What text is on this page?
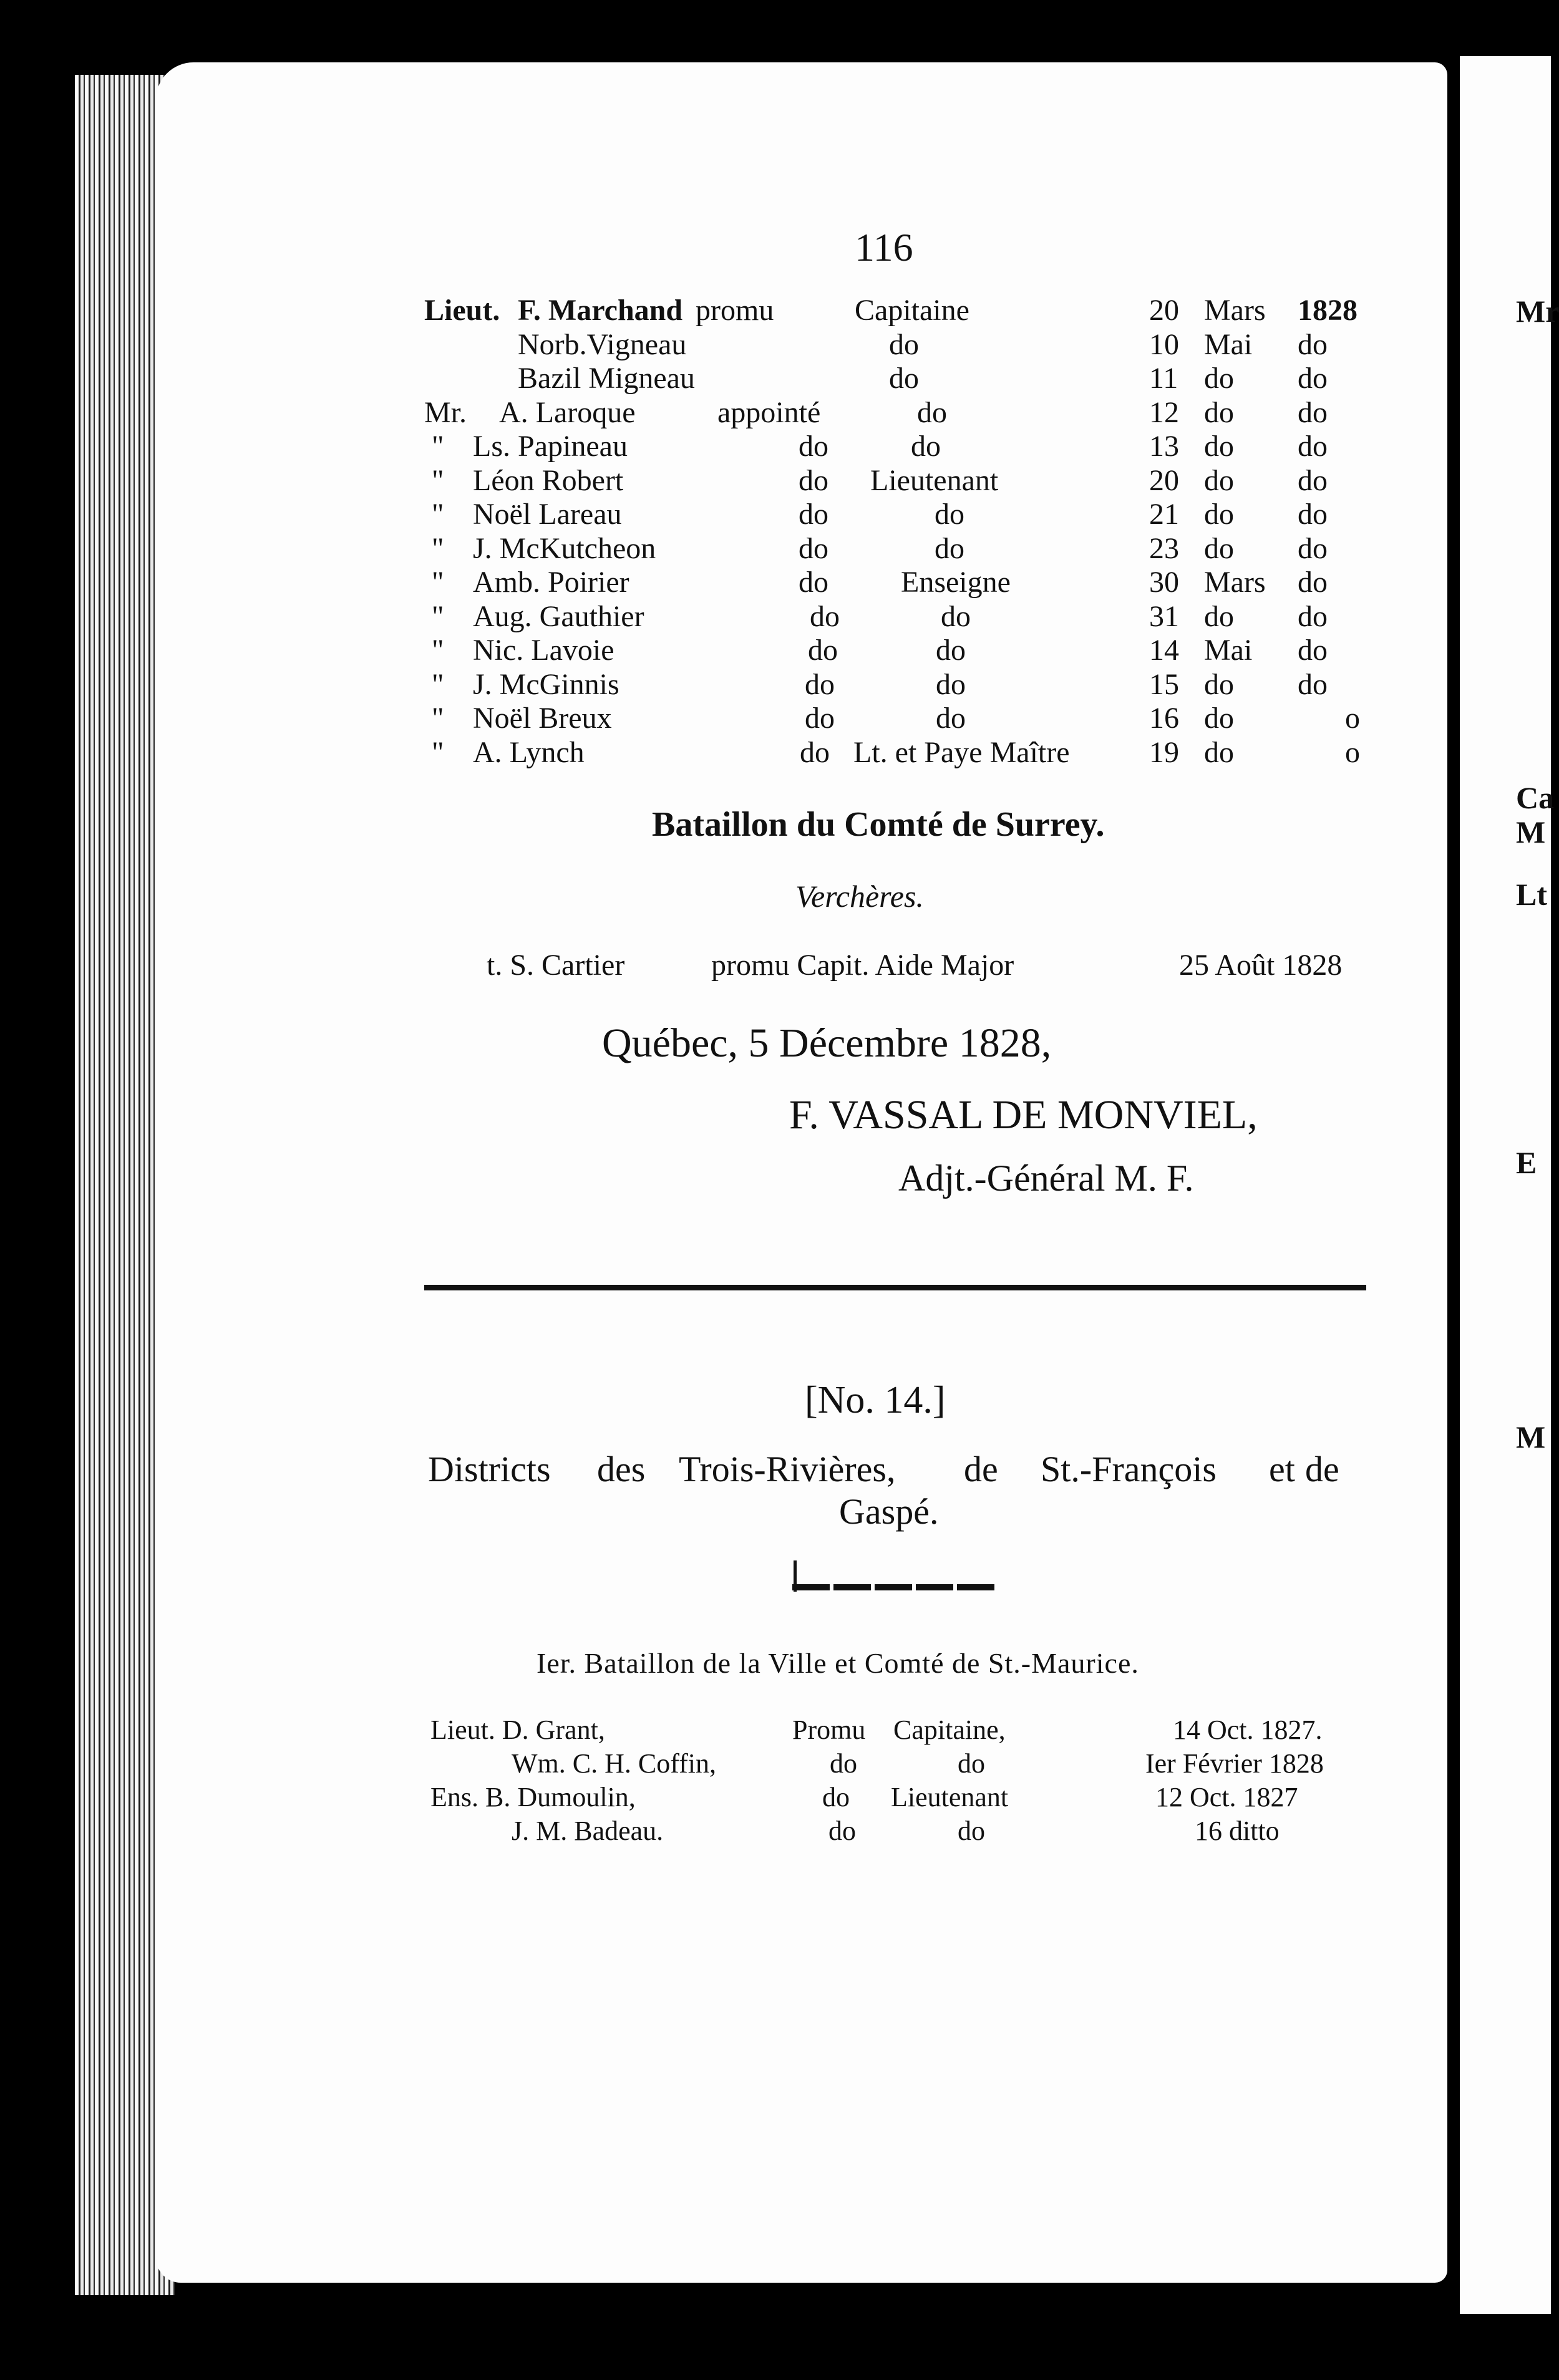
Mr
Ca
M
Lt
E
M
116
Lieut. F. Marchand promu	Capitaine	20 Mars 1828
Norb.Vigneau	do	10 Mai do
Bazil Migneau	do	11 do do
Mr. A. Laroque	appointé	do	12 do do
" Ls. Papineau	do	do	13 do do
" Léon Robert	do Lieutenant	20 do do
" Noël Lareau	do	do	21 do do
" J. McKutcheon	do	do	23 do do
" Amb. Poirier	do Enseigne	30 Mars do
" Aug. Gauthier	do	do	31 do do
" Nic. Lavoie	do	do	14 Mai do
" J. McGinnis	do	do	15 do do
" Noël Breux	do	do	16 do	o
" A. Lynch	do Lt. et Paye Maître	19 do	o
Bataillon du Comté de Surrey.
Verchères.
t. S. Cartier	promu Capit. Aide Major	25 Août 1828
Québec, 5 Décembre 1828,
F. VASSAL DE MONVIEL,
Adjt.-Général M. F.
[No. 14.]
Districts des Trois-Rivières, de St.-François et de
Gaspé.
Ier. Bataillon de la Ville et Comté de St.-Maurice.
Lieut. D. Grant,	Promu Capitaine,	14 Oct. 1827.
Wm. C. H. Coffin,	do	do	Ier Février 1828
Ens. B. Dumoulin,	do Lieutenant	12 Oct. 1827
J. M. Badeau.	do	do	16 ditto
